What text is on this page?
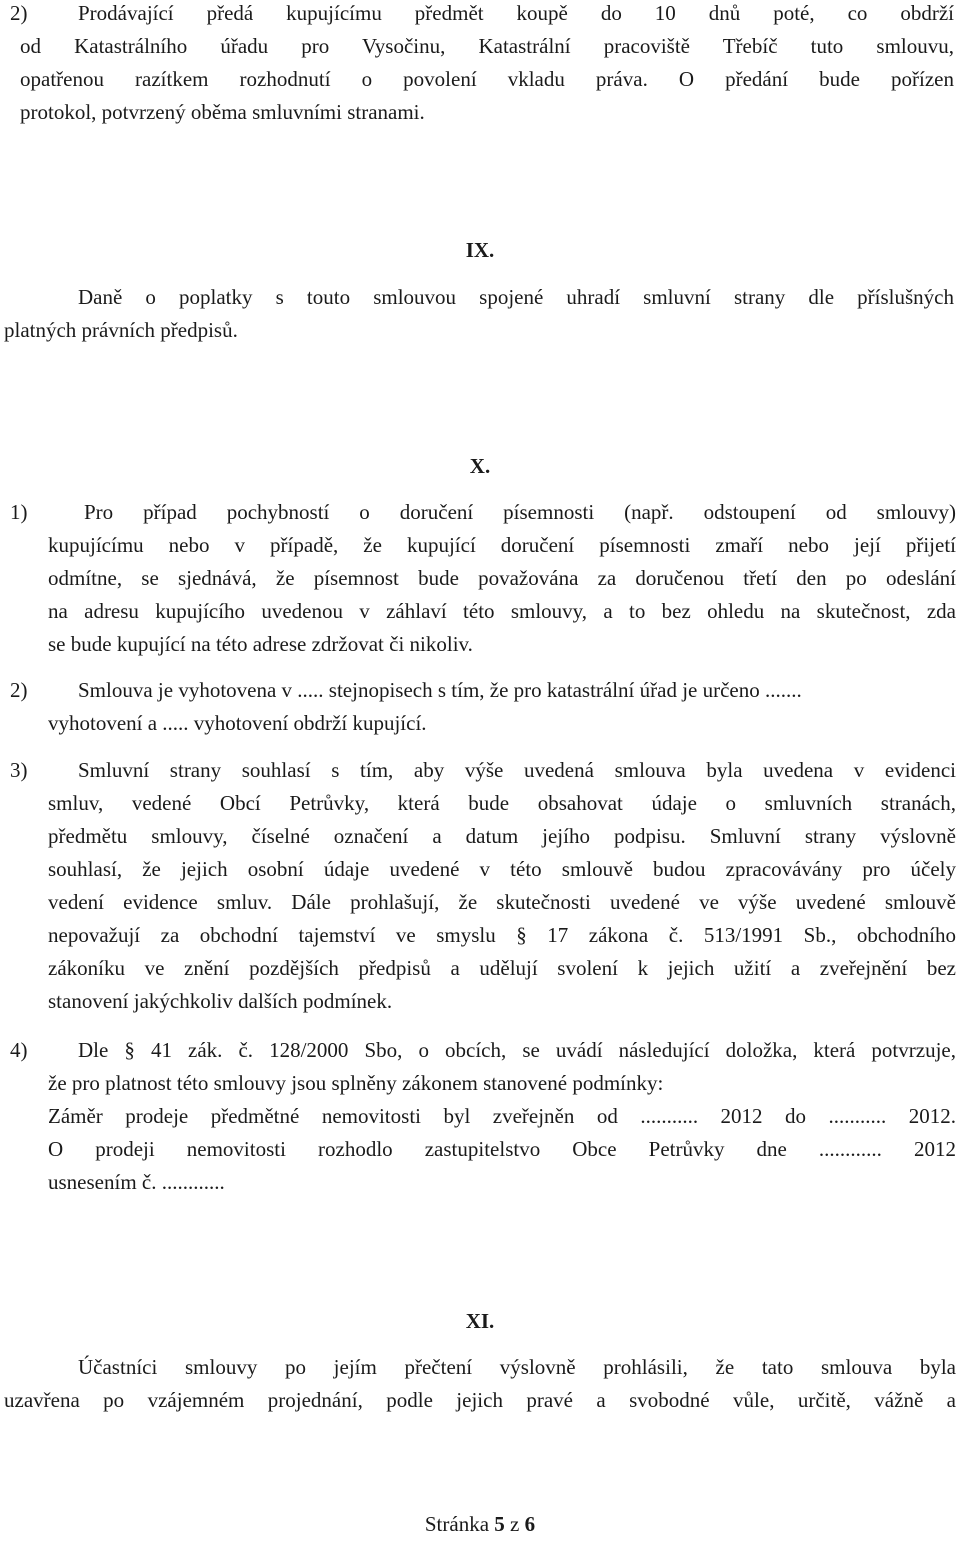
2) Prodávající předá kupujícímu předmět koupě do 10 dnů poté, co obdrží
od Katastrálního úřadu pro Vysočinu, Katastrální pracoviště Třebíč tuto smlouvu,
opatřenou razítkem rozhodnutí o povolení vkladu práva. O předání bude pořízen
protokol, potvrzený oběma smluvními stranami.
IX.
Daně o poplatky s touto smlouvou spojené uhradí smluvní strany dle příslušných
platných právních předpisů.
X.
1)	Pro případ pochybností o doručení písemnosti (např. odstoupení od smlouvy)
kupujícímu nebo v případě, že kupující doručení písemnosti zmaří nebo její přijetí
odmítne, se sjednává, že písemnost bude považována za doručenou třetí den po odeslání
na adresu kupujícího uvedenou v záhlaví této smlouvy, a to bez ohledu na skutečnost, zda
se bude kupující na této adrese zdržovat či nikoliv.
2) Smlouva je vyhotovena v ..... stejnopisech s tím, že pro katastrální úřad je určeno .......
vyhotovení a ..... vyhotovení obdrží kupující.
3) Smluvní strany souhlasí s tím, aby výše uvedená smlouva byla uvedena v evidenci
smluv, vedené Obcí Petrůvky, která bude obsahovat údaje o smluvních stranách,
předmětu smlouvy, číselné označení a datum jejího podpisu. Smluvní strany výslovně
souhlasí, že jejich osobní údaje uvedené v této smlouvě budou zpracovávány pro účely
vedení evidence smluv. Dále prohlašují, že skutečnosti uvedené ve výše uvedené smlouvě
nepovažují za obchodní tajemství ve smyslu § 17 zákona č. 513/1991 Sb., obchodního
zákoníku ve znění pozdějších předpisů a udělují svolení k jejich užití a zveřejnění bez
stanovení jakýchkoliv dalších podmínek.
4) Dle § 41 zák. č. 128/2000 Sbo, o obcích, se uvádí následující doložka, která potvrzuje,
že pro platnost této smlouvy jsou splněny zákonem stanovené podmínky:
Záměr prodeje předmětné nemovitosti byl zveřejněn od ........... 2012 do ........... 2012.
O prodeji nemovitosti rozhodlo zastupitelstvo Obce Petrůvky dne ............ 2012
usnesením č. ............
XI.
Účastníci smlouvy po jejím přečtení výslovně prohlásili, že tato smlouva byla
uzavřena po vzájemném projednání, podle jejich pravé a svobodné vůle, určitě, vážně a
Stránka 5 z 6
